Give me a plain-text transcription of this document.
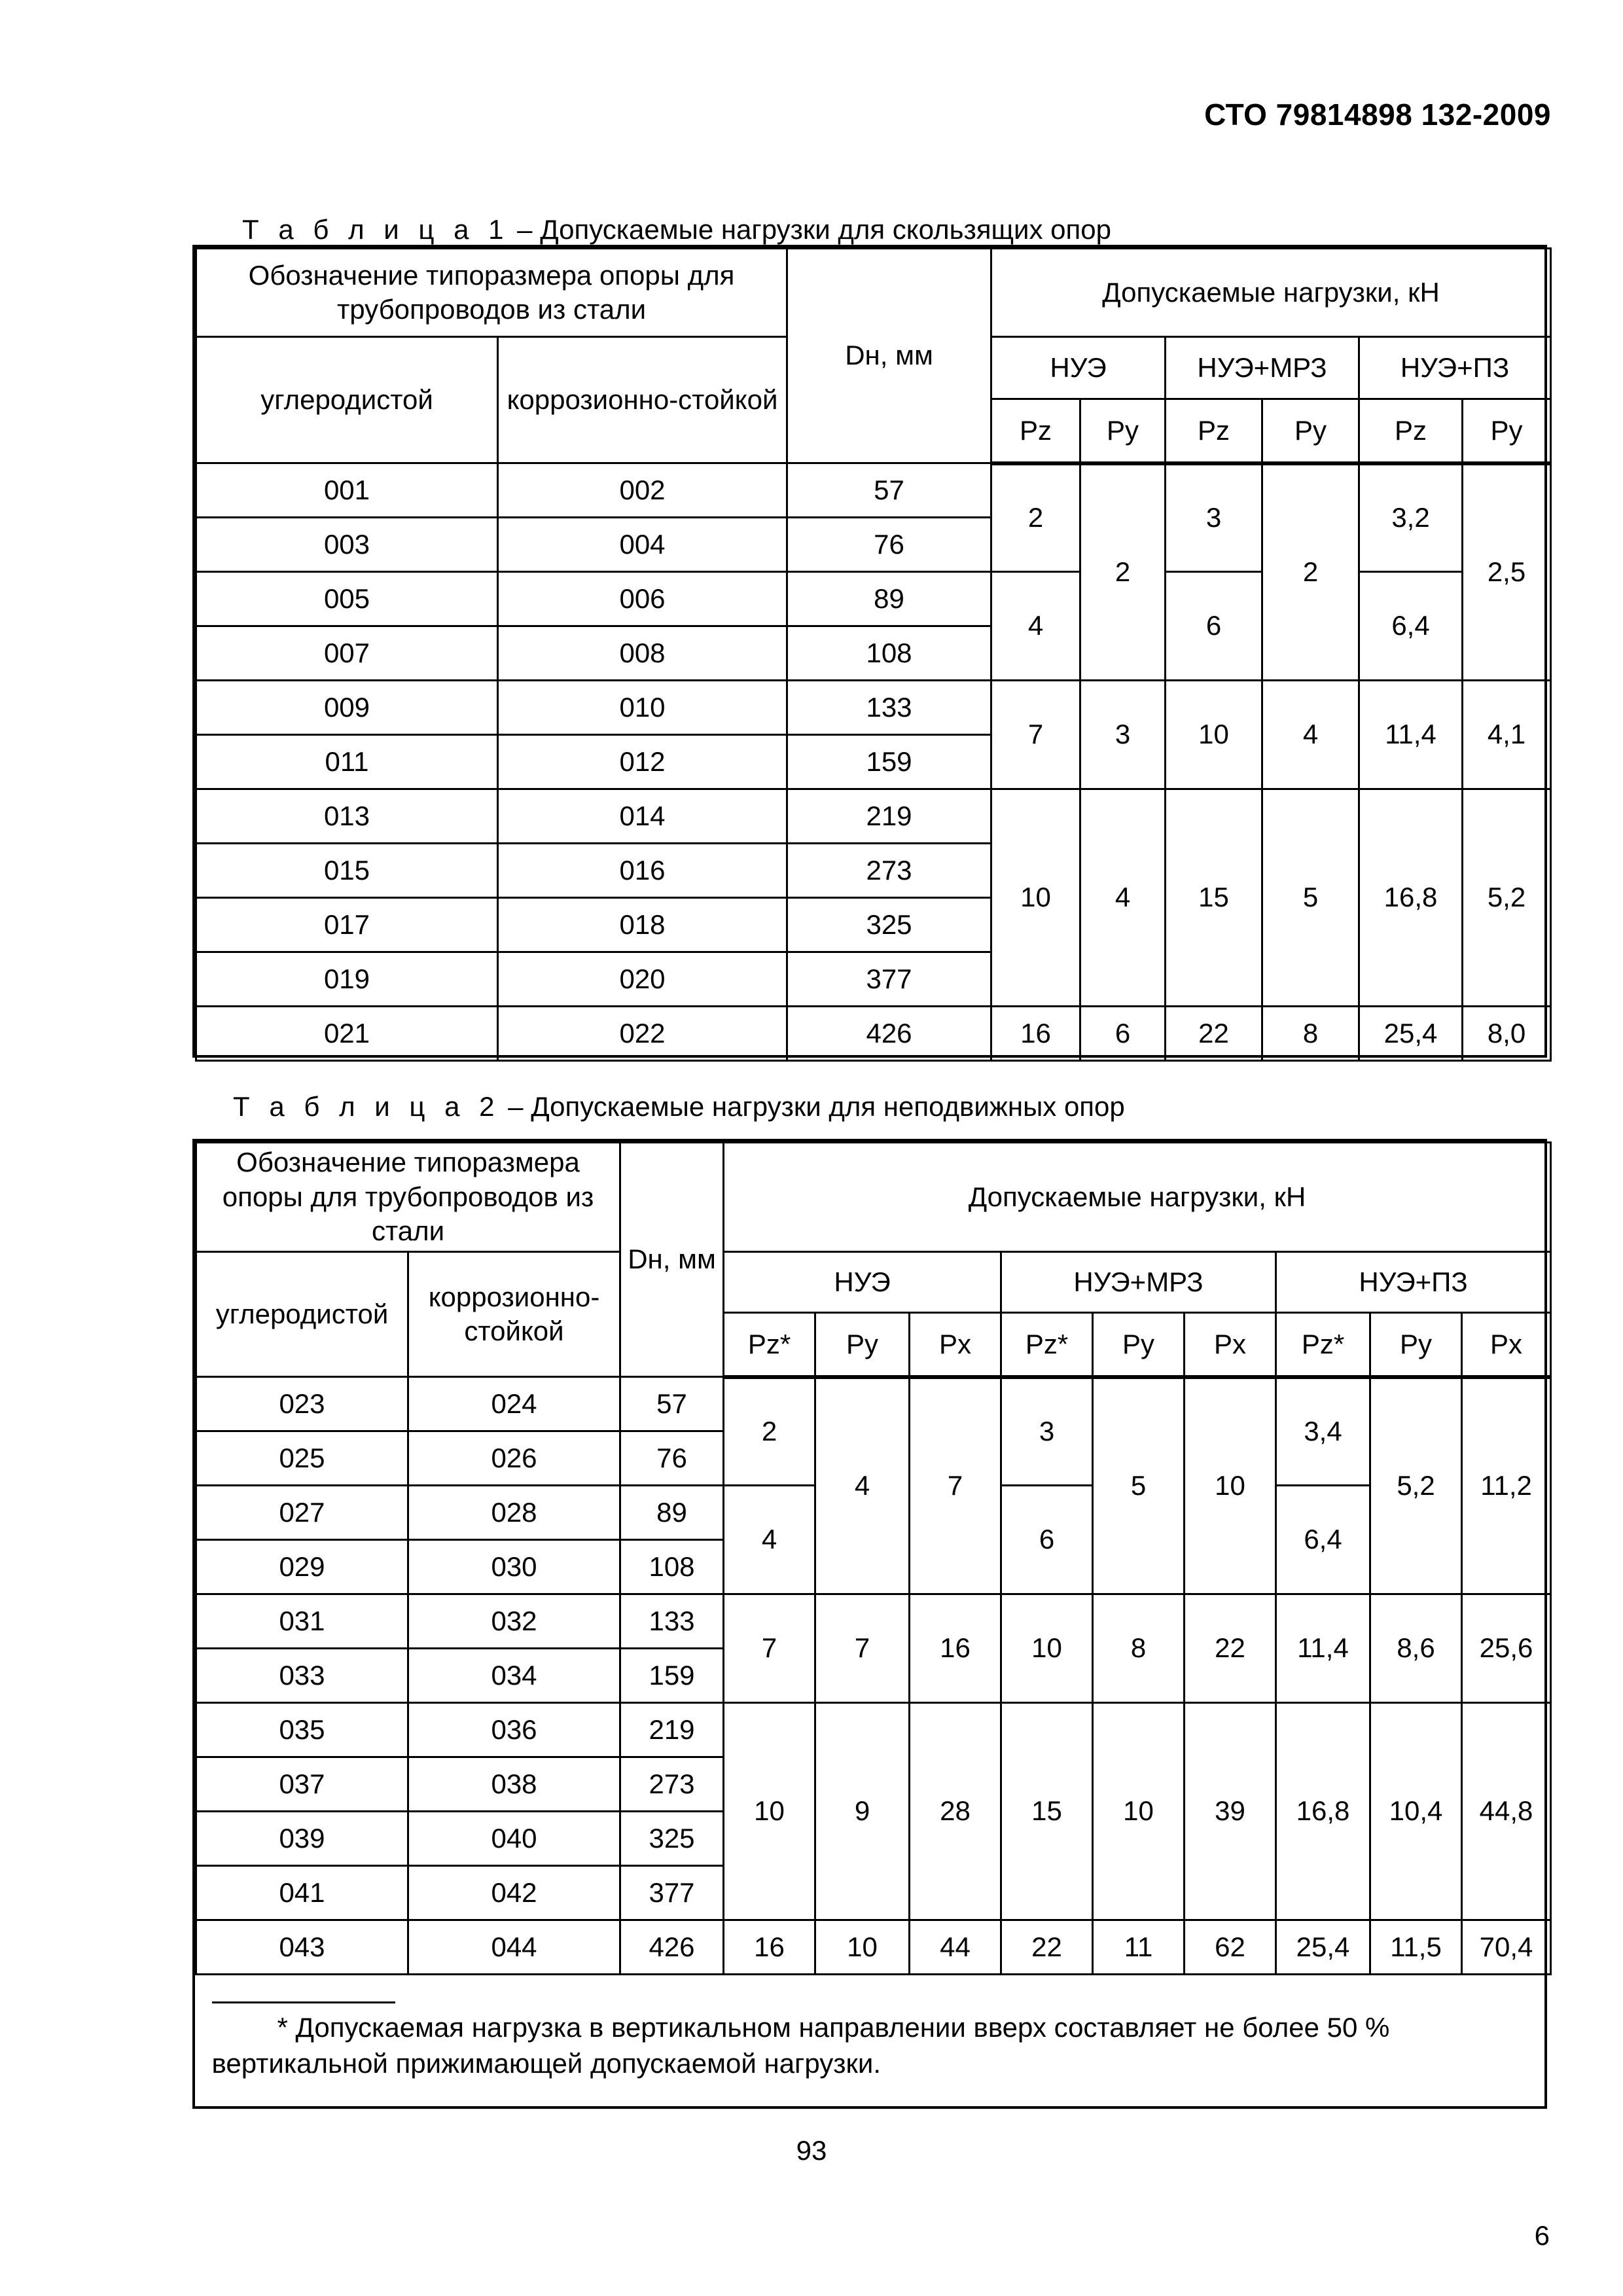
СТО 79814898 132-2009
Т а б л и ц а 1 – Допускаемые нагрузки для скользящих опор
Обозначение типоразмера опоры для трубопроводов из стали		Dн, мм	Допускаемые нагрузки, кН					
углеродистой	коррозионно-стойкой		НУЭ		НУЭ+МРЗ		НУЭ+ПЗ	
			Pz	Py	Pz	Py	Pz	Py
001	002	57	2	2	3	2	3,2	2,5
003	004	76						
005	006	89	4		6		6,4	
007	008	108						
009	010	133	7	3	10	4	11,4	4,1
011	012	159						
013	014	219	10	4	15	5	16,8	5,2
015	016	273						
017	018	325						
019	020	377						
021	022	426	16	6	22	8	25,4	8,0
Т а б л и ц а 2 – Допускаемые нагрузки для неподвижных опор
Обозначение типоразмера опоры для трубопроводов из стали		Dн, мм	Допускаемые нагрузки, кН								
углеродистой	коррозионно-стойкой		НУЭ			НУЭ+МРЗ			НУЭ+ПЗ		
			Pz*	Py	Px	Pz*	Py	Px	Pz*	Py	Px
023	024	57	2	4	7	3	5	10	3,4	5,2	11,2
025	026	76									
027	028	89	4			6			6,4		
029	030	108									
031	032	133	7	7	16	10	8	22	11,4	8,6	25,6
033	034	159									
035	036	219	10	9	28	15	10	39	16,8	10,4	44,8
037	038	273									
039	040	325									
041	042	377									
043	044	426	16	10	44	22	11	62	25,4	11,5	70,4

* Допускаемая нагрузка в вертикальном направлении вверх составляет не более 50 % вертикальной прижимающей допускаемой нагрузки.											
93
6
